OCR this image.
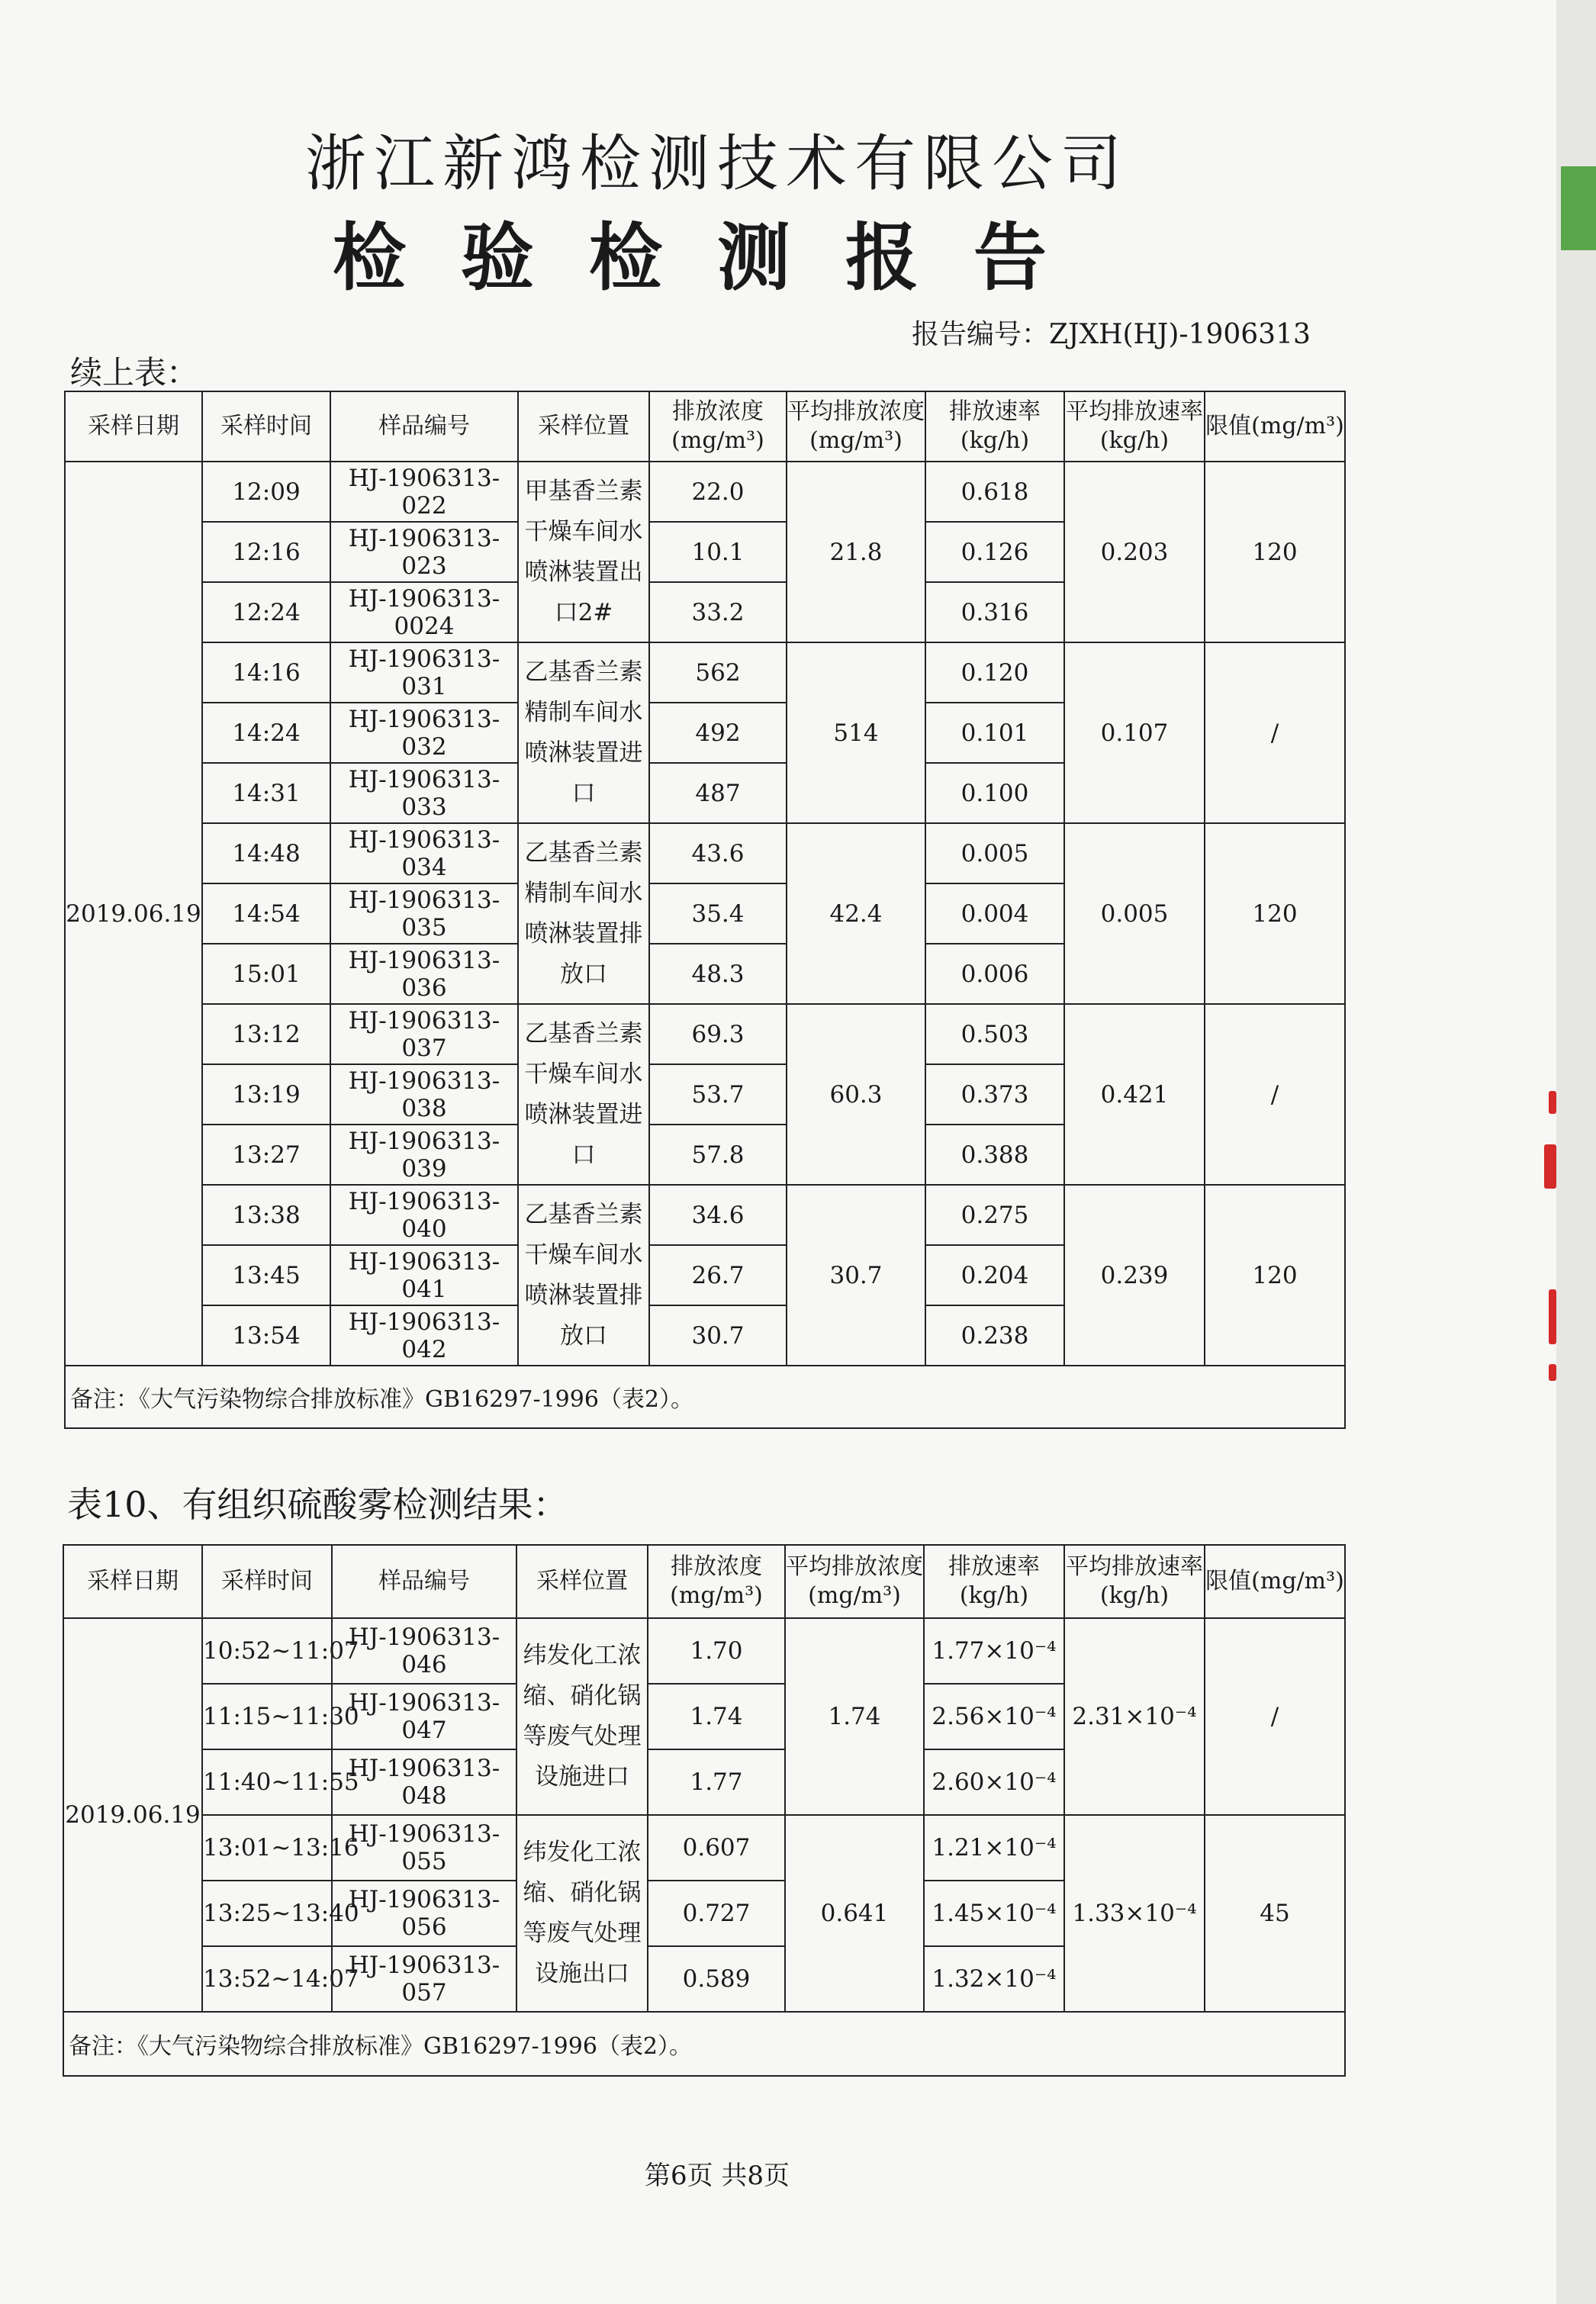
浙江新鸿检测技术有限公司
检验检测报告
报告编号：ZJXH(HJ)-1906313
续上表：
采样日期	采样时间	样品编号	采样位置	排放浓度(mg/m³)	平均排放浓度(mg/m³)	排放速率(kg/h)	平均排放速率(kg/h)	限值(mg/m³)
2019.06.19	12:09	HJ-1906313-022	甲基香兰素干燥车间水喷淋装置出口2#	22.0	21.8	0.618	0.203	120
	12:16	HJ-1906313-023		10.1		0.126		
	12:24	HJ-1906313-0024		33.2		0.316		
	14:16	HJ-1906313-031	乙基香兰素精制车间水喷淋装置进口	562	514	0.120	0.107	/
	14:24	HJ-1906313-032		492		0.101		
	14:31	HJ-1906313-033		487		0.100		
	14:48	HJ-1906313-034	乙基香兰素精制车间水喷淋装置排放口	43.6	42.4	0.005	0.005	120
	14:54	HJ-1906313-035		35.4		0.004		
	15:01	HJ-1906313-036		48.3		0.006		
	13:12	HJ-1906313-037	乙基香兰素干燥车间水喷淋装置进口	69.3	60.3	0.503	0.421	/
	13:19	HJ-1906313-038		53.7		0.373		
	13:27	HJ-1906313-039		57.8		0.388		
	13:38	HJ-1906313-040	乙基香兰素干燥车间水喷淋装置排放口	34.6	30.7	0.275	0.239	120
	13:45	HJ-1906313-041		26.7		0.204		
	13:54	HJ-1906313-042		30.7		0.238		
备注：《大气污染物综合排放标准》GB16297-1996（表2）。								
表10、有组织硫酸雾检测结果：
采样日期	采样时间	样品编号	采样位置	排放浓度(mg/m³)	平均排放浓度(mg/m³)	排放速率(kg/h)	平均排放速率(kg/h)	限值(mg/m³)
2019.06.19	10:52~11:07	HJ-1906313-046	纬发化工浓缩、硝化锅等废气处理设施进口	1.70	1.74	1.77×10⁻⁴	2.31×10⁻⁴	/
	11:15~11:30	HJ-1906313-047		1.74		2.56×10⁻⁴		
	11:40~11:55	HJ-1906313-048		1.77		2.60×10⁻⁴		
	13:01~13:16	HJ-1906313-055	纬发化工浓缩、硝化锅等废气处理设施出口	0.607	0.641	1.21×10⁻⁴	1.33×10⁻⁴	45
	13:25~13:40	HJ-1906313-056		0.727		1.45×10⁻⁴		
	13:52~14:07	HJ-1906313-057		0.589		1.32×10⁻⁴		
备注：《大气污染物综合排放标准》GB16297-1996（表2）。								
第6页 共8页
